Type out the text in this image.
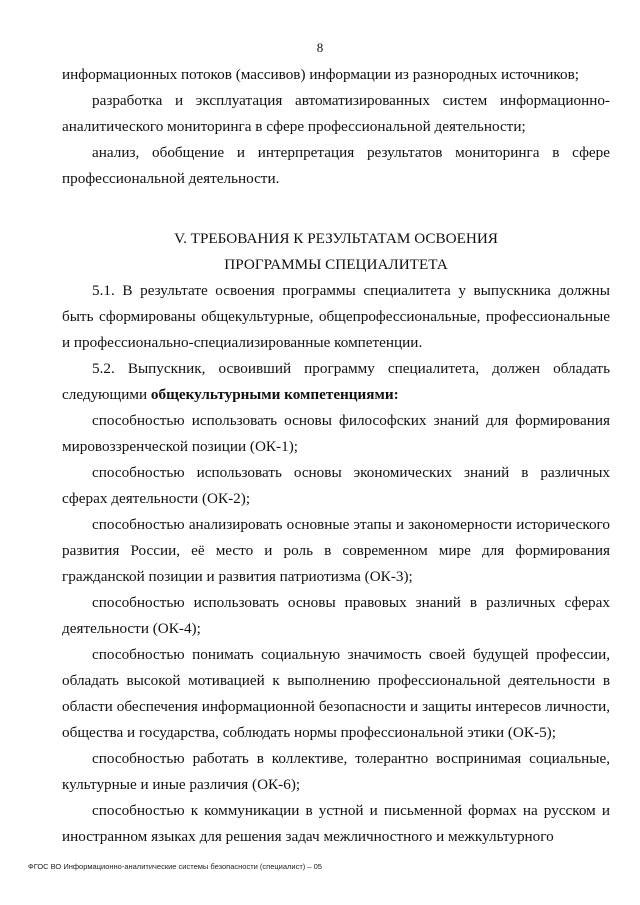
8

информационных потоков (массивов) информации из разнородных источников;

разработка и эксплуатация автоматизированных систем информационно-аналитического мониторинга в сфере профессиональной деятельности;

анализ, обобщение и интерпретация результатов мониторинга в сфере профессиональной деятельности.

V. ТРЕБОВАНИЯ К РЕЗУЛЬТАТАМ ОСВОЕНИЯ
ПРОГРАММЫ СПЕЦИАЛИТЕТА

5.1. В результате освоения программы специалитета у выпускника должны быть сформированы общекультурные, общепрофессиональные, профессиональные и профессионально-специализированные компетенции.

5.2. Выпускник, освоивший программу специалитета, должен обладать следующими общекультурными компетенциями:

способностью использовать основы философских знаний для формирования мировоззренческой позиции (ОК-1);

способностью использовать основы экономических знаний в различных сферах деятельности (ОК-2);

способностью анализировать основные этапы и закономерности исторического развития России, её место и роль в современном мире для формирования гражданской позиции и развития патриотизма (ОК-3);

способностью использовать основы правовых знаний в различных сферах деятельности (ОК-4);

способностью понимать социальную значимость своей будущей профессии, обладать высокой мотивацией к выполнению профессиональной деятельности в области обеспечения информационной безопасности и защиты интересов личности, общества и государства, соблюдать нормы профессиональной этики (ОК-5);

способностью работать в коллективе, толерантно воспринимая социальные, культурные и иные различия (ОК-6);

способностью к коммуникации в устной и письменной формах на русском и иностранном языках для решения задач межличностного и межкультурного

ФГОС ВО Информационно-аналитические системы безопасности (специалист) – 05
